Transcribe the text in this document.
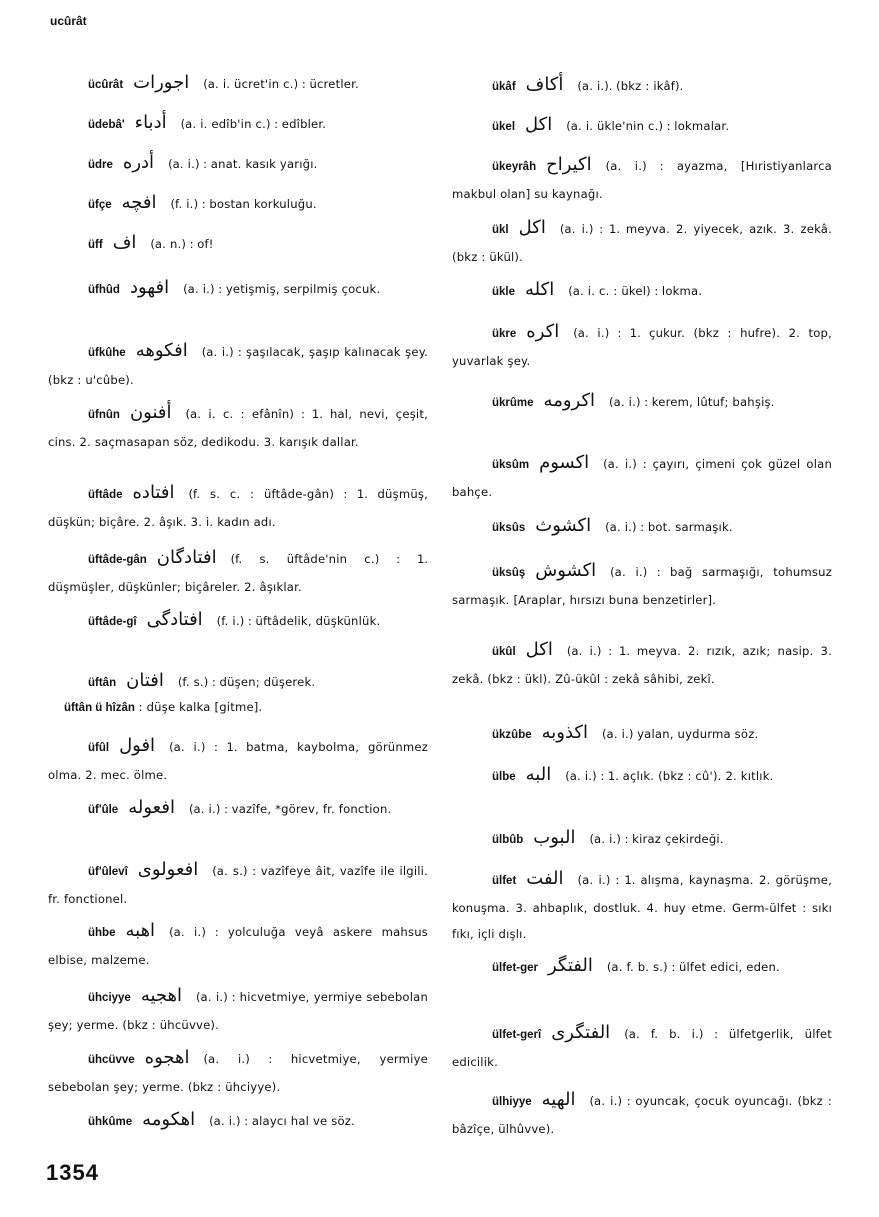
ucûrât
ücûrât اجورات (a. i. ücret'in c.) : ücretler.
üdebâ' أدباء (a. i. edîb'in c.) : edîbler.
üdre أدره (a. i.) : anat. kasık yarığı.
üfçe افچه (f. i.) : bostan korkuluğu.
üff اف (a. n.) : of!
üfhûd افهود (a. i.) : yetişmiş, serpilmiş çocuk.
üfkûhe افكوهه (a. i.) : şaşılacak, şaşıp kalınacak şey. (bkz : u'cûbe).
üfnûn أفنون (a. i. c. : efânîn) : 1. hal, nevi, çeşit, cins. 2. saçmasapan söz, dedikodu. 3. karışık dallar.
üftâde افتاده (f. s. c. : üftâde-gân) : 1. düşmüş, düşkün; biçâre. 2. âşık. 3. i. kadın adı.
üftâde-gân افتادگان (f. s. üftâde'nin c.) : 1. düşmüşler, düşkünler; biçâreler. 2. âşıklar.
üftâde-gî افتادگى (f. i.) : üftâdelik, düşkünlük.
üftân افتان (f. s.) : düşen; düşerek.
üftân ü hîzân : düşe kalka [gitme].
üfûl افول (a. i.) : 1. batma, kaybolma, görünmez olma. 2. mec. ölme.
üf'ûle افعوله (a. i.) : vazîfe, *görev, fr. fonction.
üf'ûlevî افعولوى (a. s.) : vazîfeye âit, vazîfe ile ilgili. fr. fonctionel.
ühbe اهبه (a. i.) : yolculuğa veyâ askere mahsus elbise, malzeme.
ühciyye اهجيه (a. i.) : hicvetmiye, yermiye sebebolan şey; yerme. (bkz : ühcüvve).
ühcüvve اهجوه (a. i.) : hicvetmiye, yermiye sebebolan şey; yerme. (bkz : ühciyye).
ühkûme اهكومه (a. i.) : alaycı hal ve söz.
ükâf أكاف (a. i.). (bkz : ikâf).
ükel اكل (a. i. ükle'nin c.) : lokmalar.
ükeyrâh اكيراح (a. i.) : ayazma, [Hıristiyanlarca makbul olan] su kaynağı.
ükl اكل (a. i.) : 1. meyva. 2. yiyecek, azık. 3. zekâ. (bkz : ükül).
ükle اكله (a. i. c. : ükel) : lokma.
ükre اكره (a. i.) : 1. çukur. (bkz : hufre). 2. top, yuvarlak şey.
ükrûme اكرومه (a. i.) : kerem, lûtuf; bahşiş.
üksûm اكسوم (a. i.) : çayırı, çimeni çok güzel olan bahçe.
üksûs اكشوث (a. i.) : bot. sarmaşık.
üksûş اكشوش (a. i.) : bağ sarmaşığı, tohumsuz sarmaşık. [Araplar, hırsızı buna benzetirler].
ükûl اكل (a. i.) : 1. meyva. 2. rızık, azık; nasip. 3. zekâ. (bkz : ükl). Zû-ükûl : zekâ sâhibi, zekî.
ükzûbe اكذوبه (a. i.) yalan, uydurma söz.
ülbe البه (a. i.) : 1. açlık. (bkz : cû'). 2. kıtlık.
ülbûb البوب (a. i.) : kiraz çekirdeği.
ülfet الفت (a. i.) : 1. alışma, kaynaşma. 2. görüşme, konuşma. 3. ahbaplık, dostluk. 4. huy etme. Germ-ülfet : sıkı fıkı, içli dışlı.
ülfet-ger الفتگر (a. f. b. s.) : ülfet edici, eden.
ülfet-gerî الفتگرى (a. f. b. i.) : ülfetgerlik, ülfet edicilik.
ülhiyye الهيه (a. i.) : oyuncak, çocuk oyuncağı. (bkz : bâzîçe, ülhûvve).
1354
